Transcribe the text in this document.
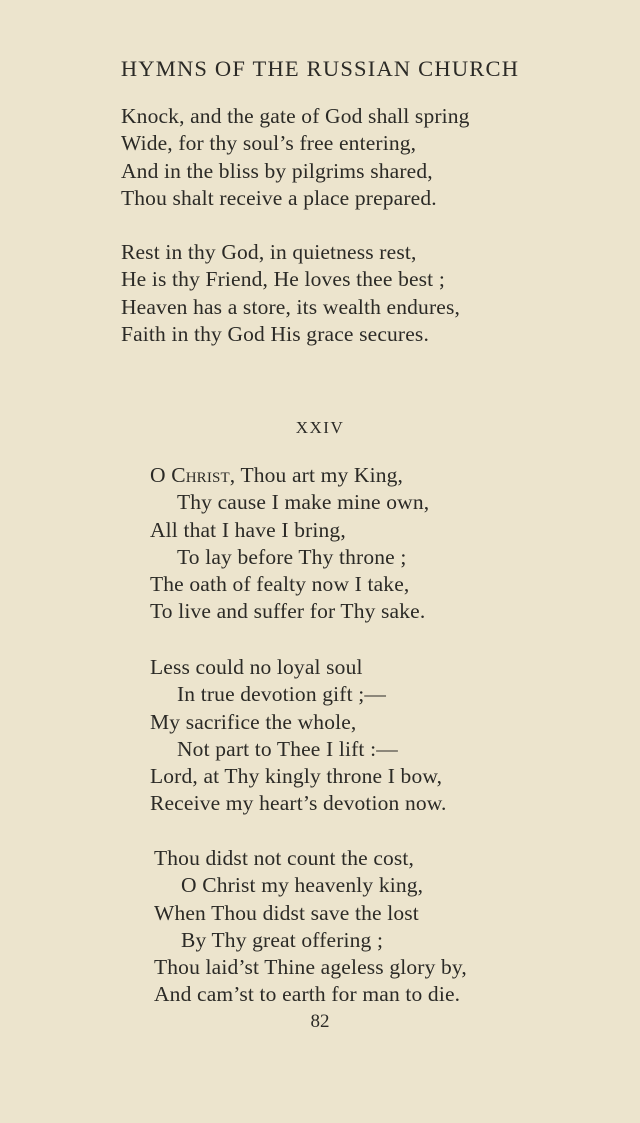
HYMNS OF THE RUSSIAN CHURCH
Knock, and the gate of God shall spring
Wide, for thy soul’s free entering,
And in the bliss by pilgrims shared,
Thou shalt receive a place prepared.
Rest in thy God, in quietness rest,
He is thy Friend, He loves thee best ;
Heaven has a store, its wealth endures,
Faith in thy God His grace secures.
XXIV
O Christ, Thou art my King,
Thy cause I make mine own,
All that I have I bring,
To lay before Thy throne ;
The oath of fealty now I take,
To live and suffer for Thy sake.
Less could no loyal soul
In true devotion gift ;—
My sacrifice the whole,
Not part to Thee I lift :—
Lord, at Thy kingly throne I bow,
Receive my heart’s devotion now.
Thou didst not count the cost,
O Christ my heavenly king,
When Thou didst save the lost
By Thy great offering ;
Thou laid’st Thine ageless glory by,
And cam’st to earth for man to die.
82
